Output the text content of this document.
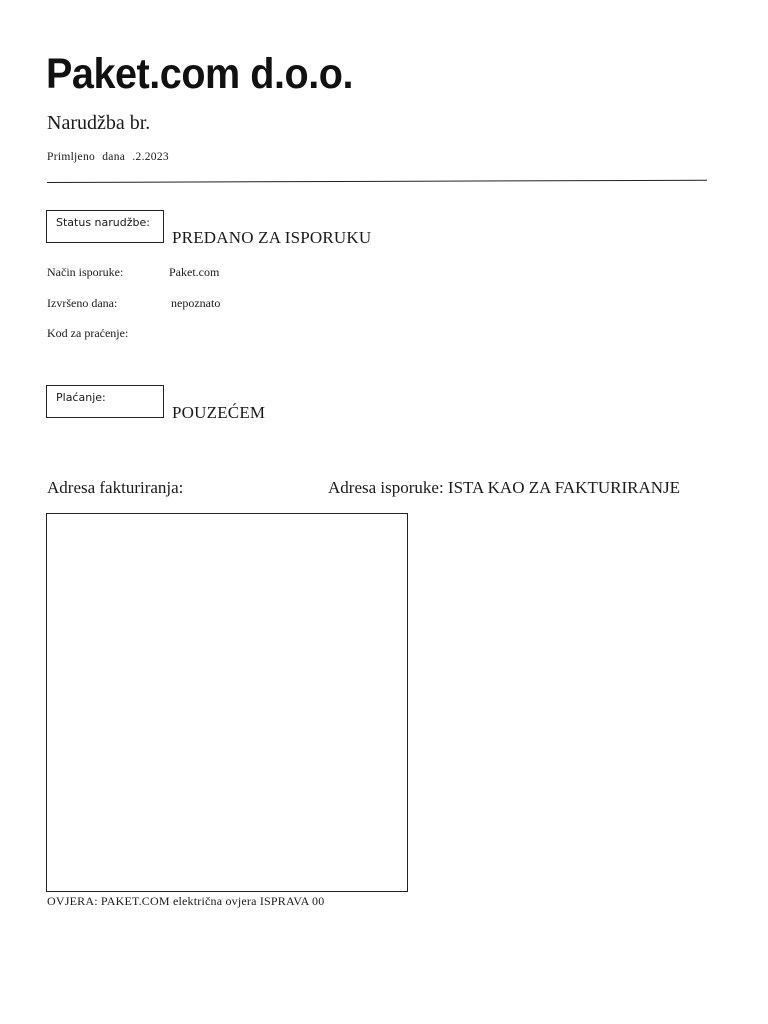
Paket.com d.o.o.
Narudžba br.
Primljeno dana .2.2023
Status narudžbe:
PREDANO ZA ISPORUKU
Način isporuke:	Paket.com
Izvršeno dana:	nepoznato
Kod za praćenje:
Plaćanje:
POUZEĆEM
Adresa fakturiranja:	Adresa isporuke: ISTA KAO ZA FAKTURIRANJE
OVJERA: PAKET.COM električna ovjera ISPRAVA 00
